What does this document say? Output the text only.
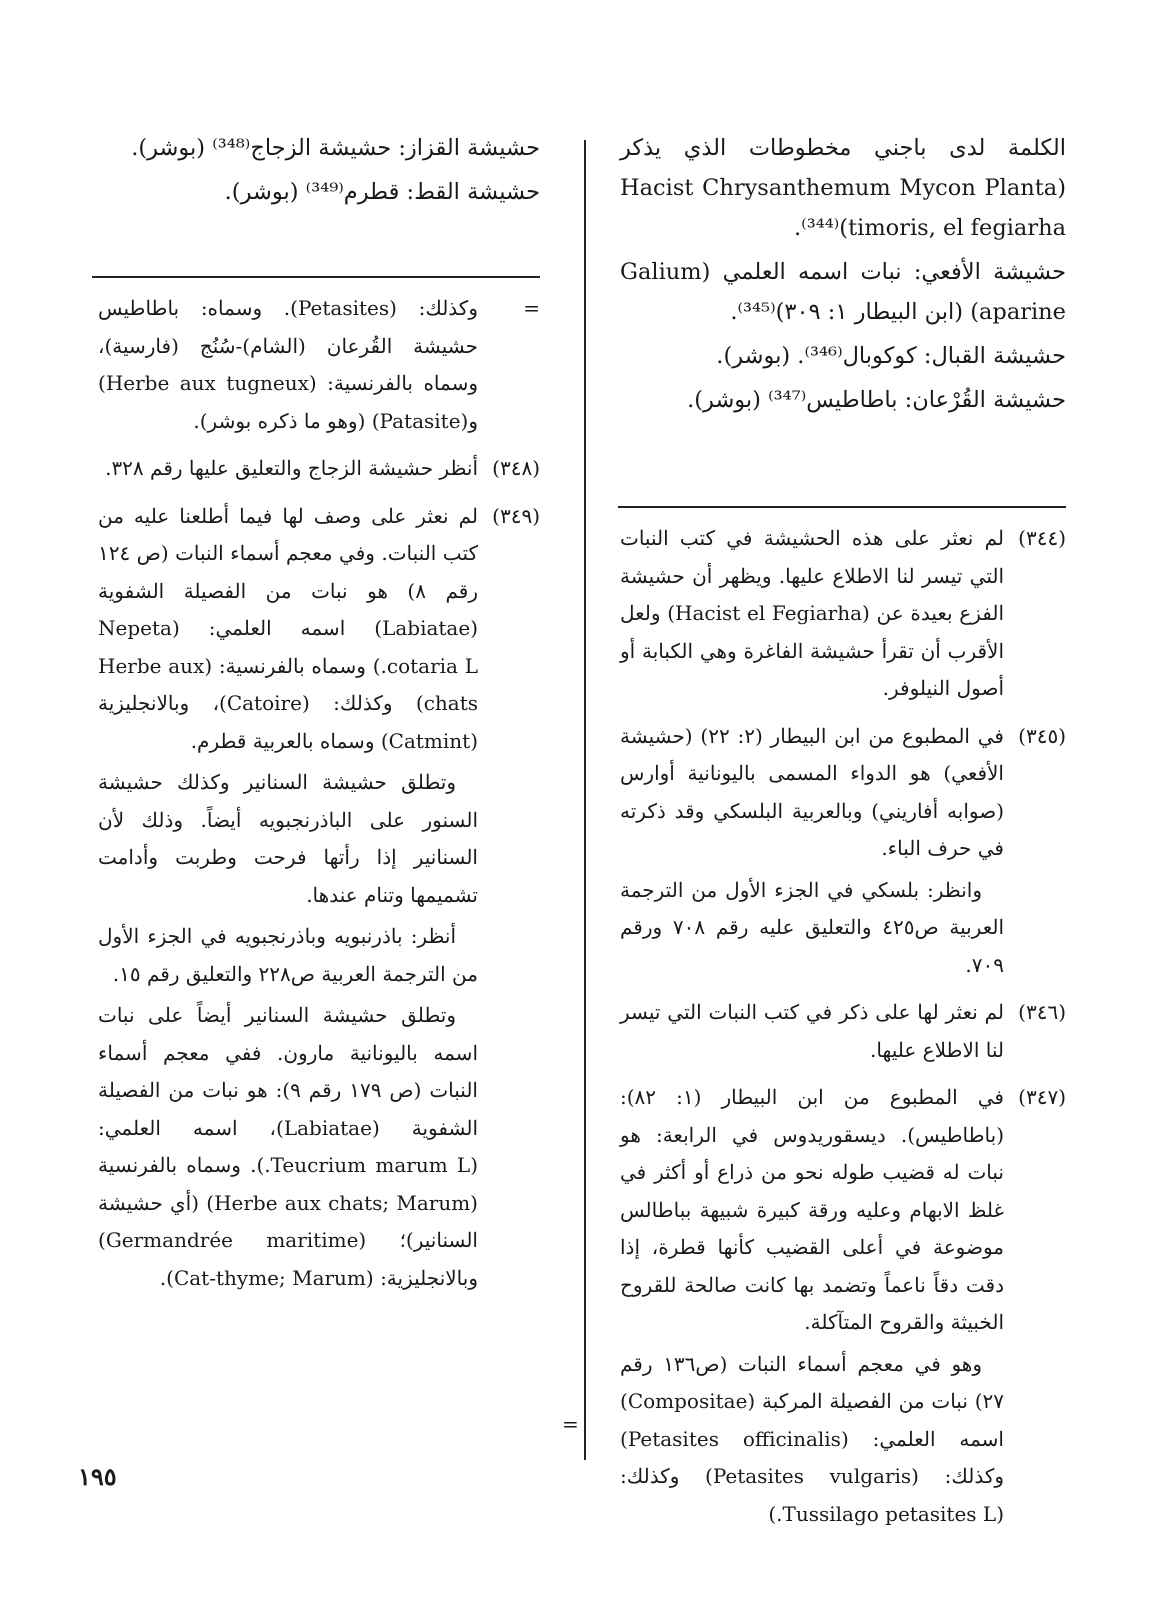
الكلمة لدى باجني مخطوطات الذي يذكر (Hacist Chrysanthemum Mycon Planta timoris, el fegiarha)⁽³⁴⁴⁾.

حشيشة الأفعي: نبات اسمه العلمي (Galium aparine) (ابن البيطار ١: ٣٠٩)⁽³⁴⁵⁾.

حشيشة القبال: كوكوبال⁽³⁴⁶⁾. (بوشر).

حشيشة القُرْعان: باطاطيس⁽³⁴⁷⁾ (بوشر).

(٣٤٤)

لم نعثر على هذه الحشيشة في كتب النبات التي تيسر لنا الاطلاع عليها. ويظهر أن حشيشة الفزع بعيدة عن (Hacist el Fegiarha) ولعل الأقرب أن تقرأ حشيشة الفاغرة وهي الكبابة أو أصول النيلوفر.

(٣٤٥)

في المطبوع من ابن البيطار (٢: ٢٢) (حشيشة الأفعي) هو الدواء المسمى باليونانية أوارس (صوابه أفاريني) وبالعربية البلسكي وقد ذكرته في حرف الباء.

وانظر: بلسكي في الجزء الأول من الترجمة العربية ص٤٢٥ والتعليق عليه رقم ٧٠٨ ورقم ٧٠٩.

(٣٤٦)

لم نعثر لها على ذكر في كتب النبات التي تيسر لنا الاطلاع عليها.

(٣٤٧)

في المطبوع من ابن البيطار (١: ٨٢): (باطاطيس). ديسقوريدوس في الرابعة: هو نبات له قضيب طوله نحو من ذراع أو أكثر في غلظ الابهام وعليه ورقة كبيرة شبيهة بباطالس موضوعة في أعلى القضيب كأنها قطرة، إذا دقت دقاً ناعماً وتضمد بها كانت صالحة للقروح الخبيثة والقروح المتآكلة.

وهو في معجم أسماء النبات (ص١٣٦ رقم ٢٧) نبات من الفصيلة المركبة (Compositae) اسمه العلمي: (Petasites officinalis) وكذلك: (Petasites vulgaris) وكذلك: (Tussilago petasites L.)

=

حشيشة القزاز: حشيشة الزجاج⁽³⁴⁸⁾ (بوشر).

حشيشة القط: قطرم⁽³⁴⁹⁾ (بوشر).

=

وكذلك: (Petasites). وسماه: باطاطيس حشيشة القُرعان (الشام)-سُنُج (فارسية)، وسماه بالفرنسية: (Herbe aux tugneux) و(Patasite) (وهو ما ذكره بوشر).

(٣٤٨)

أنظر حشيشة الزجاج والتعليق عليها رقم ٣٢٨.

(٣٤٩)

لم نعثر على وصف لها فيما أطلعنا عليه من كتب النبات. وفي معجم أسماء النبات (ص ١٢٤ رقم ٨) هو نبات من الفصيلة الشفوية (Labiatae) اسمه العلمي: (Nepeta cotaria L.) وسماه بالفرنسية: (Herbe aux chats) وكذلك: (Catoire)، وبالانجليزية (Catmint) وسماه بالعربية قطرم.

وتطلق حشيشة السنانير وكذلك حشيشة السنور على الباذرنجبويه أيضاً. وذلك لأن السنانير إذا رأتها فرحت وطربت وأدامت تشميمها وتنام عندها.

أنظر: باذرنبويه وباذرنجبويه في الجزء الأول من الترجمة العربية ص٢٢٨ والتعليق رقم ١٥.

وتطلق حشيشة السنانير أيضاً على نبات اسمه باليونانية مارون. ففي معجم أسماء النبات (ص ١٧٩ رقم ٩): هو نبات من الفصيلة الشفوية (Labiatae)، اسمه العلمي: (Teucrium marum L.). وسماه بالفرنسية (Herbe aux chats; Marum) (أي حشيشة السنانير)؛ (Germandrée maritime) وبالانجليزية: (Cat-thyme; Marum).

١٩٥
